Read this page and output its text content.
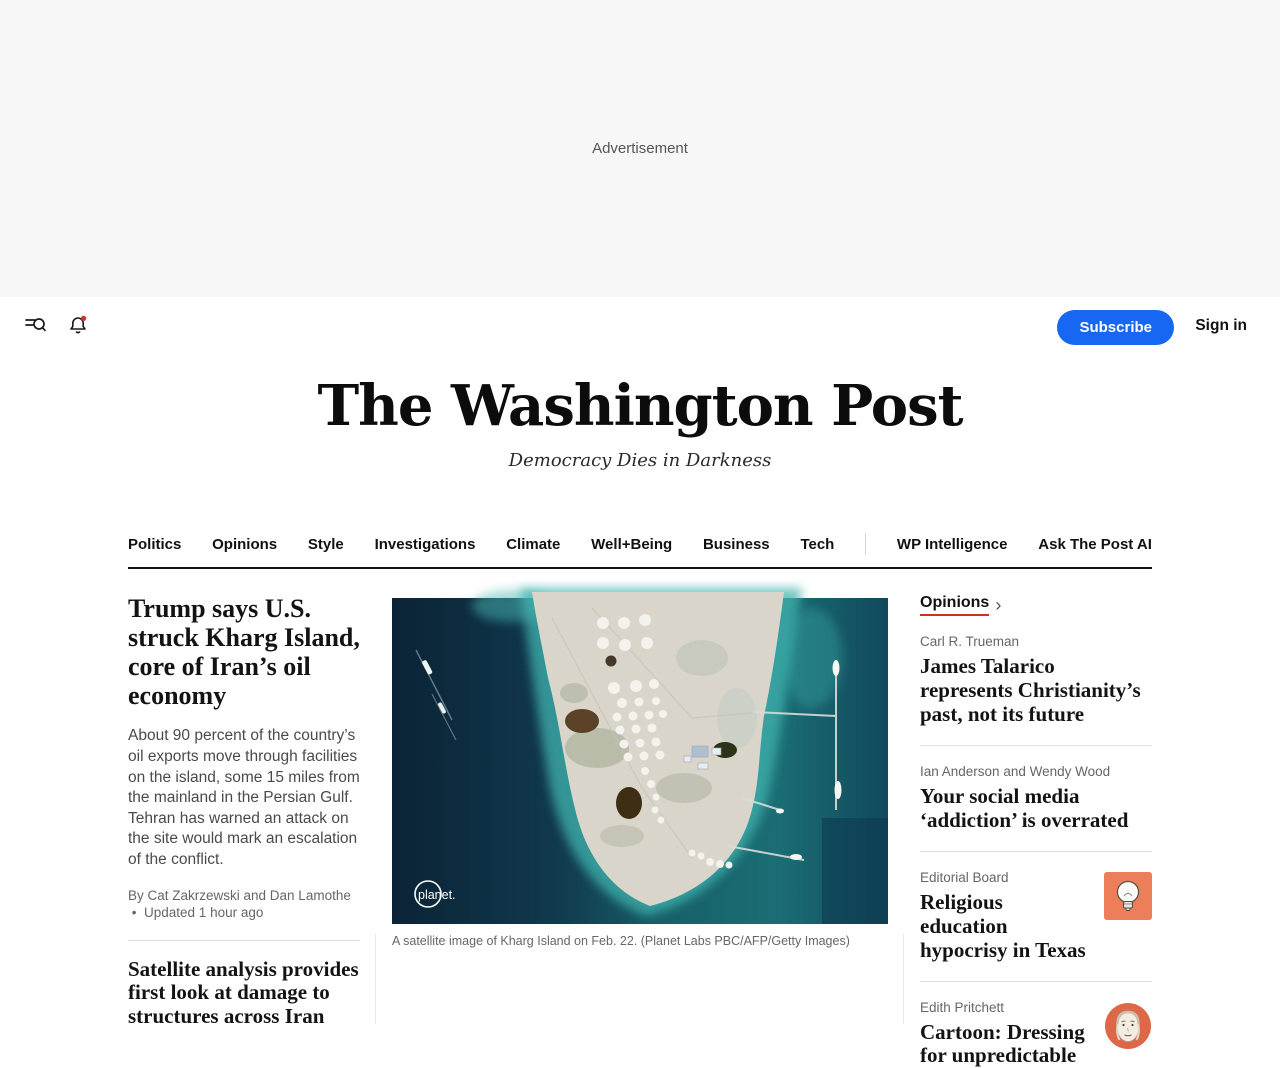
Advertisement
Subscribe	Sign in
The Washington Post
Democracy Dies in Darkness
Politics Opinions Style Investigations Climate Well+Being Business Tech	WP Intelligence Ask The Post AI
Trump says U.S. struck Kharg Island, core of Iran’s oil economy

About 90 percent of the country’s oil exports move through facilities on the island, some 15 miles from the mainland in the Persian Gulf. Tehran has warned an attack on the site would mark an escalation of the conflict.

By Cat Zakrzewski and Dan Lamothe  • Updated 1 hour ago
Satellite analysis provides first look at damage to structures across Iran
planet.
A satellite image of Kharg Island on Feb. 22. (Planet Labs PBC/AFP/Getty Images)
Opinions ›
Carl R. Trueman
James Talarico represents Christianity’s past, not its future
Ian Anderson and Wendy Wood
Your social media ‘addiction’ is overrated
Editorial Board
Religious education hypocrisy in Texas
Edith Pritchett
Cartoon: Dressing for unpredictable
